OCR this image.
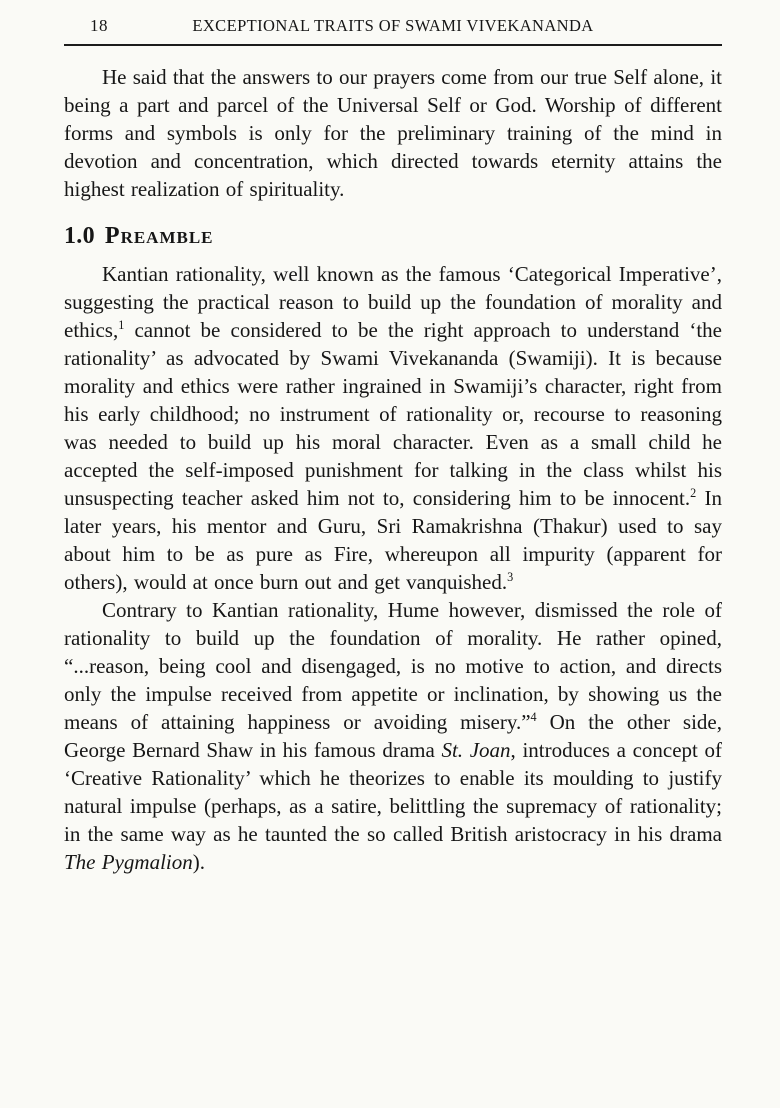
18	EXCEPTIONAL TRAITS OF SWAMI VIVEKANANDA

He said that the answers to our prayers come from our true Self alone, it being a part and parcel of the Universal Self or God. Worship of different forms and symbols is only for the preliminary training of the mind in devotion and concentration, which directed towards eternity attains the highest realization of spirituality.

1.0 Preamble

Kantian rationality, well known as the famous ‘Categorical Imperative’, suggesting the practical reason to build up the foundation of morality and ethics,$^1$ cannot be considered to be the right approach to understand ‘the rationality’ as advocated by Swami Vivekananda (Swamiji). It is because morality and ethics were rather ingrained in Swamiji’s character, right from his early childhood; no instrument of rationality or, recourse to reasoning was needed to build up his moral character. Even as a small child he accepted the self-imposed punishment for talking in the class whilst his unsuspecting teacher asked him not to, considering him to be innocent.$^2$ In later years, his mentor and Guru, Sri Ramakrishna (Thakur) used to say about him to be as pure as Fire, whereupon all impurity (apparent for others), would at once burn out and get vanquished.$^3$

Contrary to Kantian rationality, Hume however, dismissed the role of rationality to build up the foundation of morality. He rather opined, “...reason, being cool and disengaged, is no motive to action, and directs only the impulse received from appetite or inclination, by showing us the means of attaining happiness or avoiding misery.”$^4$ On the other side, George Bernard Shaw in his famous drama St. Joan, introduces a concept of ‘Creative Rationality’ which he theorizes to enable its moulding to justify natural impulse (perhaps, as a satire, belittling the supremacy of rationality; in the same way as he taunted the so called British aristocracy in his drama The Pygmalion).
